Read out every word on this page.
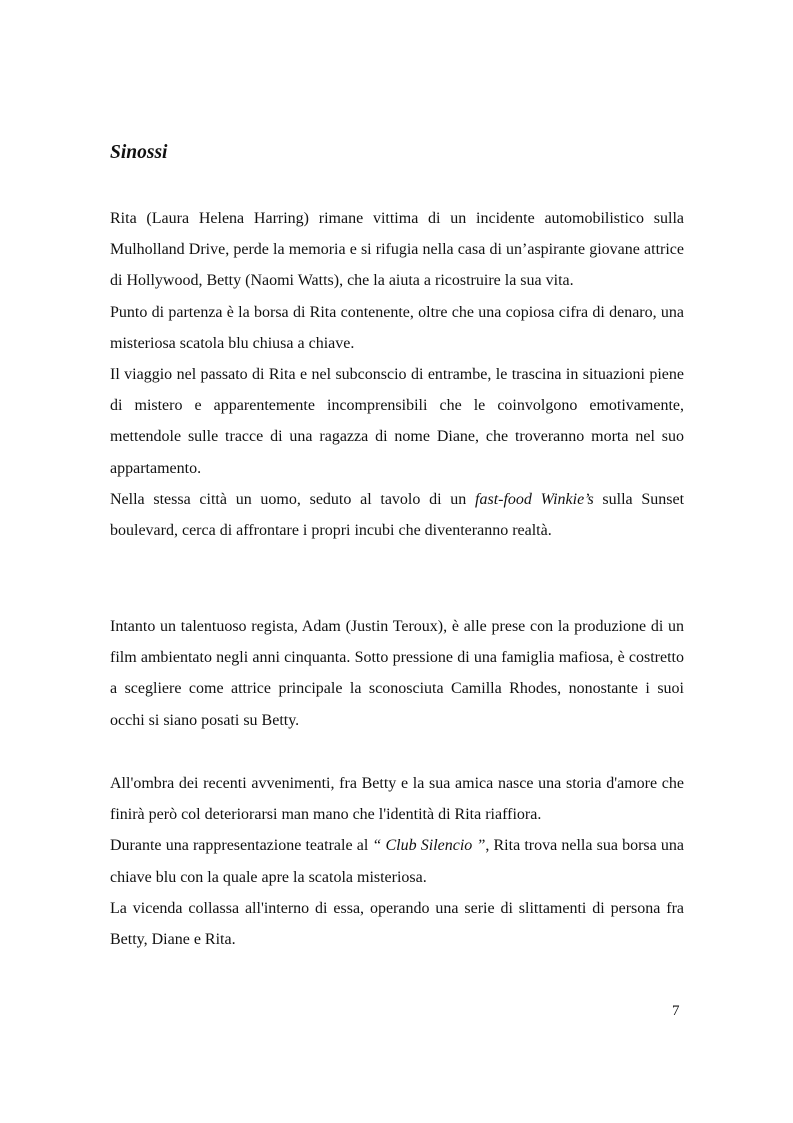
Sinossi

Rita (Laura Helena Harring) rimane vittima di un incidente automobilistico sulla Mulholland Drive, perde la memoria e si rifugia nella casa di un’aspirante giovane attrice di Hollywood, Betty (Naomi Watts), che la aiuta a ricostruire la sua vita.

Punto di partenza è la borsa di Rita contenente, oltre che una copiosa cifra di denaro, una misteriosa scatola blu chiusa a chiave.

Il viaggio nel passato di Rita e nel subconscio di entrambe, le trascina in situazioni piene di mistero e apparentemente incomprensibili che le coinvolgono emotivamente, mettendole sulle tracce di una ragazza di nome Diane, che troveranno morta nel suo appartamento.

Nella stessa città un uomo, seduto al tavolo di un fast-food Winkie’s sulla Sunset boulevard, cerca di affrontare i propri incubi che diventeranno realtà.

Intanto un talentuoso regista, Adam (Justin Teroux), è alle prese con la produzione di un film ambientato negli anni cinquanta. Sotto pressione di una famiglia mafiosa, è costretto a scegliere come attrice principale la sconosciuta Camilla Rhodes, nonostante i suoi occhi si siano posati su Betty.

All'ombra dei recenti avvenimenti, fra Betty e la sua amica nasce una storia d'amore che finirà però col deteriorarsi man mano che l'identità di Rita riaffiora.

Durante una rappresentazione teatrale al “ Club Silencio ”, Rita trova nella sua borsa una chiave blu con la quale apre la scatola misteriosa.

La vicenda collassa all'interno di essa, operando una serie di slittamenti di persona fra Betty, Diane e Rita.

7
